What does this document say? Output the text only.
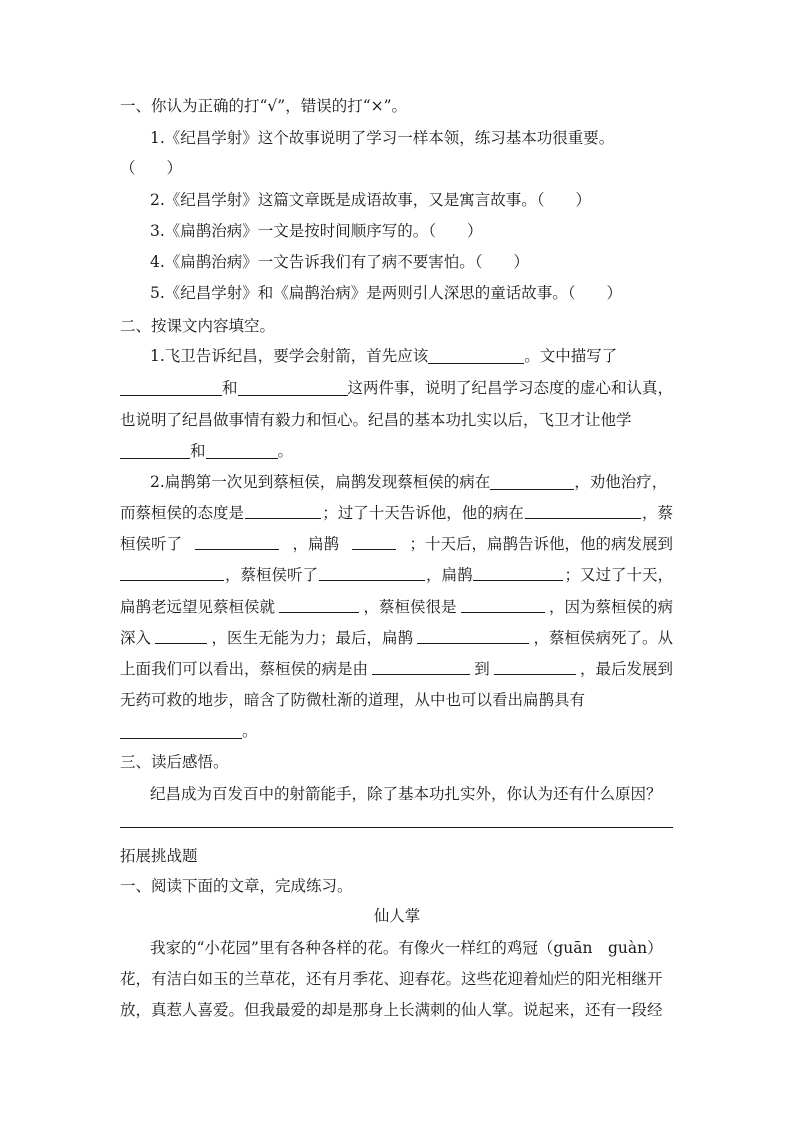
一、你认为正确的打“√”，错误的打“×”。
1.《纪昌学射》这个故事说明了学习一样本领，练习基本功很重要。
（　　）
2.《纪昌学射》这篇文章既是成语故事，又是寓言故事。（　　）
3.《扁鹊治病》一文是按时间顺序写的。（　　）
4.《扁鹊治病》一文告诉我们有了病不要害怕。（　　）
5.《纪昌学射》和《扁鹊治病》是两则引人深思的童话故事。（　　）
二、按课文内容填空。
1.飞卫告诉纪昌，要学会射箭，首先应该	。文中描写了
和	这两件事，说明了纪昌学习态度的虚心和认真，
也说明了纪昌做事情有毅力和恒心。纪昌的基本功扎实以后，飞卫才让他学
和	。
2.扁鹊第一次见到蔡桓侯，扁鹊发现蔡桓侯的病在	，劝他治疗，
而蔡桓侯的态度是	；过了十天告诉他，他的病在	，蔡
桓侯听了	，扁鹊	；十天后，扁鹊告诉他，他的病发展到
，蔡桓侯听了	，扁鹊	；又过了十天，
扁鹊老远望见蔡桓侯就	，蔡桓侯很是	，因为蔡桓侯的病
深入	，医生无能为力；最后，扁鹊	，蔡桓侯病死了。从
上面我们可以看出，蔡桓侯的病是由	到	，最后发展到
无药可救的地步，暗含了防微杜渐的道理，从中也可以看出扁鹊具有
。
三、读后感悟。
纪昌成为百发百中的射箭能手，除了基本功扎实外，你认为还有什么原因？
拓展挑战题
一、阅读下面的文章，完成练习。
仙人掌
我家的“小花园”里有各种各样的花。有像火一样红的鸡冠（guān　guàn）
花，有洁白如玉的兰草花，还有月季花、迎春花。这些花迎着灿烂的阳光相继开
放，真惹人喜爱。但我最爱的却是那身上长满刺的仙人掌。说起来，还有一段经
